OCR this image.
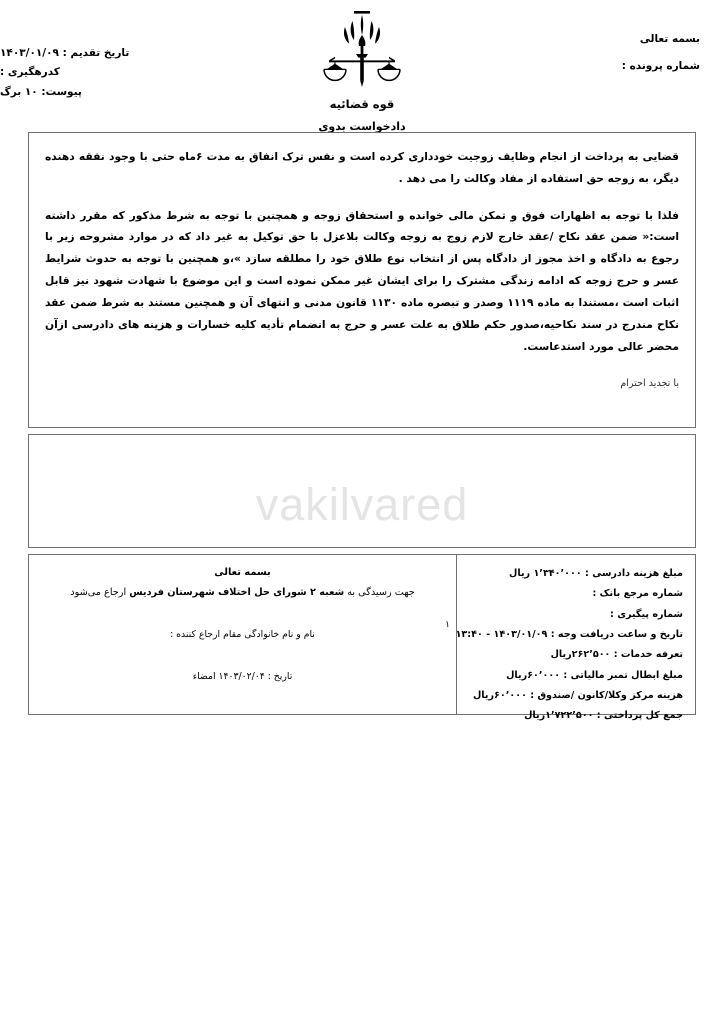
بسمه تعالی
شماره پرونده :
تاریخ تقدیم : ۱۴۰۳/۰۱/۰۹
کدرهگیری :
پیوست: ۱۰ برگ
قوه قضائیه
دادخواست بدوی

قضایی به پرداخت از انجام وظایف زوجیت خودداری کرده است و نفس ترک انفاق به مدت ۶ماه حتی با وجود نفقه دهنده دیگر، به زوجه حق استفاده از مفاد وکالت را می دهد .

فلذا با توجه به اظهارات فوق و تمکن مالی خوانده و استحقاق زوجه و همچنین با توجه به شرط مذکور که مقرر داشته است:« ضمن عقد نکاح /عقد خارج لازم زوج به زوجه وکالت بلاعزل با حق توکیل به غیر داد که در موارد مشروحه زیر با رجوع به دادگاه و اخذ مجوز از دادگاه پس از انتخاب نوع طلاق خود را مطلقه سازد »،و همچنین با توجه به حدوث شرایط عسر و حرج زوجه که ادامه زندگی مشترک را برای ایشان غیر ممکن نموده است و این موضوع با شهادت شهود نیز قابل اثبات است ،مستندا به ماده ۱۱۱۹ وصدر و تبصره ماده ۱۱۳۰ قانون مدنی و انتهای آن و همچنین مستند به شرط ضمن عقد نکاح مندرج در سند نکاحیه،صدور حکم طلاق به علت عسر و حرج به انضمام تأدیه کلیه خسارات و هزینه های دادرسی ازآن محضر عالی مورد استدعاست.

با تجدید احترام
vakilvared
مبلغ هزینه دادرسی : ۱٬۳۴۰٬۰۰۰ ریال
شماره مرجع بانک :
شماره پیگیری :
تاریخ و ساعت دریافت وجه : ۱۴۰۳/۰۱/۰۹ - ۱۳:۴۰
تعرفه خدمات : ۲۶۲٬۵۰۰ریال
مبلغ ابطال تمبر مالیاتی : ۶۰٬۰۰۰ریال
هزینه مرکز وکلا/کانون /صندوق : ۶۰٬۰۰۰ریال
جمع کل پرداختی : ۱٬۷۲۲٬۵۰۰ریال
بسمه تعالی
جهت رسیدگی به شعبه ۲ شورای حل اختلاف شهرستان فردیس ارجاع می‌شود
نام و نام خانوادگی مقام ارجاع کننده :
تاریخ : ۱۴۰۳/۰۲/۰۴ امضاء
۱
